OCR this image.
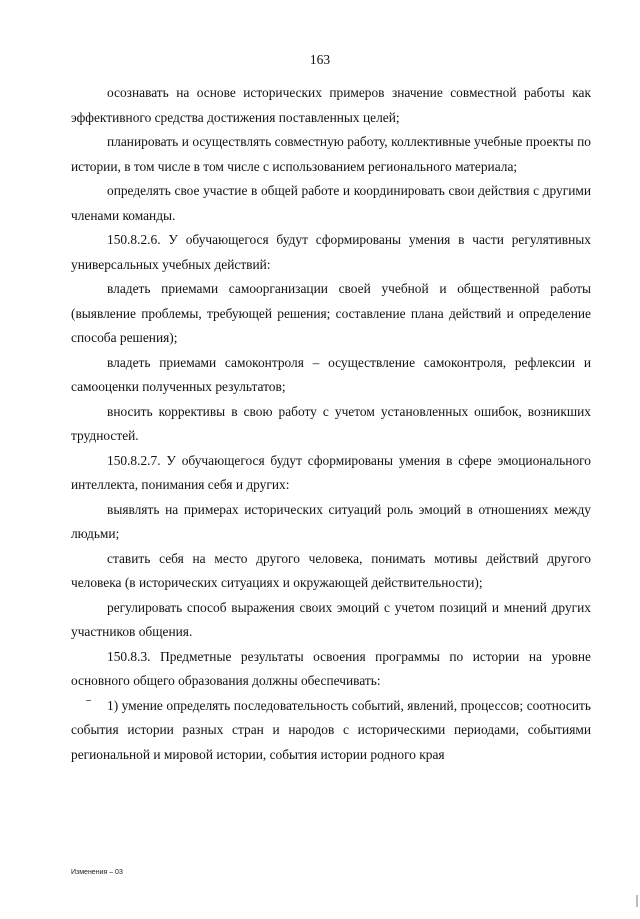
163

осознавать на основе исторических примеров значение совместной работы как эффективного средства достижения поставленных целей;

планировать и осуществлять совместную работу, коллективные учебные проекты по истории, в том числе в том числе с использованием регионального материала;

определять свое участие в общей работе и координировать свои действия с другими членами команды.

150.8.2.6. У обучающегося будут сформированы умения в части регулятивных универсальных учебных действий:

владеть приемами самоорганизации своей учебной и общественной работы (выявление проблемы, требующей решения; составление плана действий и определение способа решения);

владеть приемами самоконтроля – осуществление самоконтроля, рефлексии и самооценки полученных результатов;

вносить коррективы в свою работу с учетом установленных ошибок, возникших трудностей.

150.8.2.7. У обучающегося будут сформированы умения в сфере эмоционального интеллекта, понимания себя и других:

выявлять на примерах исторических ситуаций роль эмоций в отношениях между людьми;

ставить себя на место другого человека, понимать мотивы действий другого человека (в исторических ситуациях и окружающей действительности);

регулировать способ выражения своих эмоций с учетом позиций и мнений других участников общения.

150.8.3. Предметные результаты освоения программы по истории на уровне основного общего образования должны обеспечивать:

1) умение определять последовательность событий, явлений, процессов; соотносить события истории разных стран и народов с историческими периодами, событиями региональной и мировой истории, события истории родного края

Изменения – 03
